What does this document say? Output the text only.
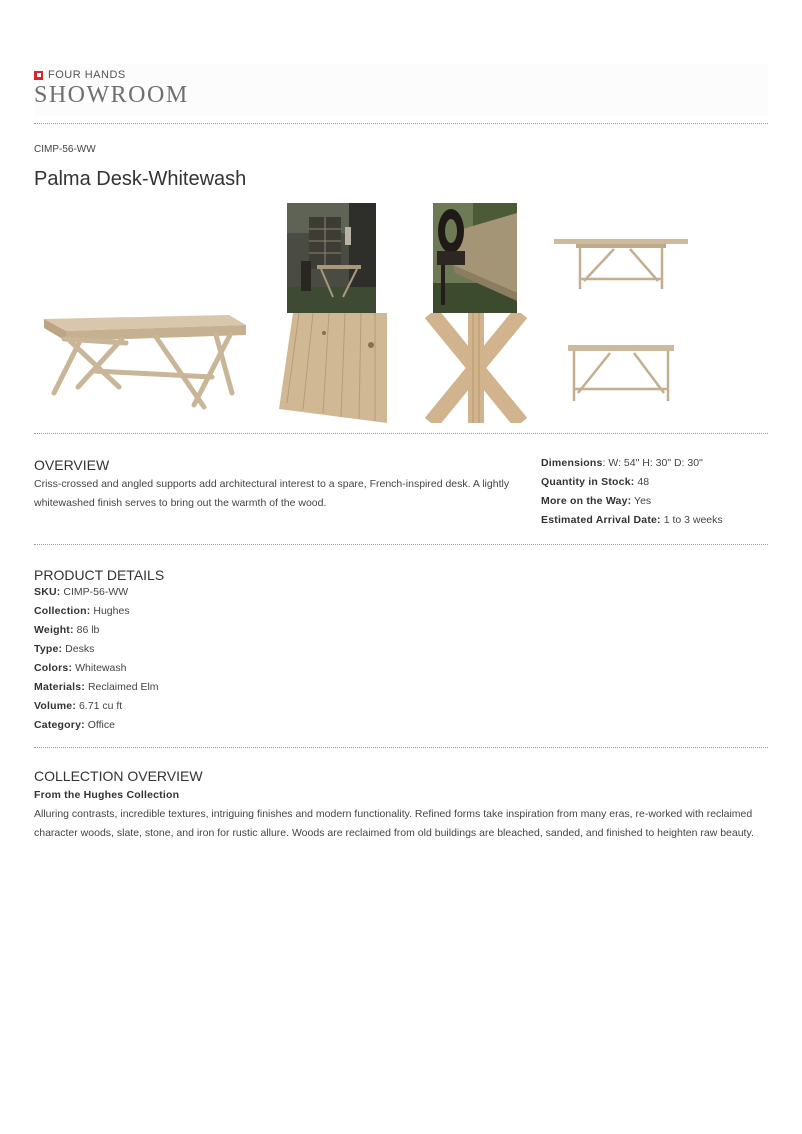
FOUR HANDS
SHOWROOM
CIMP-56-WW
Palma Desk-Whitewash
OVERVIEW

Criss-crossed and angled supports add architectural interest to a spare, French-inspired desk. A lightly whitewashed finish serves to bring out the warmth of the wood.

Dimensions: W: 54" H: 30" D: 30"
Quantity in Stock: 48
More on the Way: Yes
Estimated Arrival Date: 1 to 3 weeks
PRODUCT DETAILS
SKU: CIMP-56-WW
Collection: Hughes
Weight: 86 lb
Type: Desks
Colors: Whitewash
Materials: Reclaimed Elm
Volume: 6.71 cu ft
Category: Office
COLLECTION OVERVIEW
From the Hughes Collection

Alluring contrasts, incredible textures, intriguing finishes and modern functionality. Refined forms take inspiration from many eras, re-worked with reclaimed character woods, slate, stone, and iron for rustic allure. Woods are reclaimed from old buildings are bleached, sanded, and finished to heighten raw beauty.
